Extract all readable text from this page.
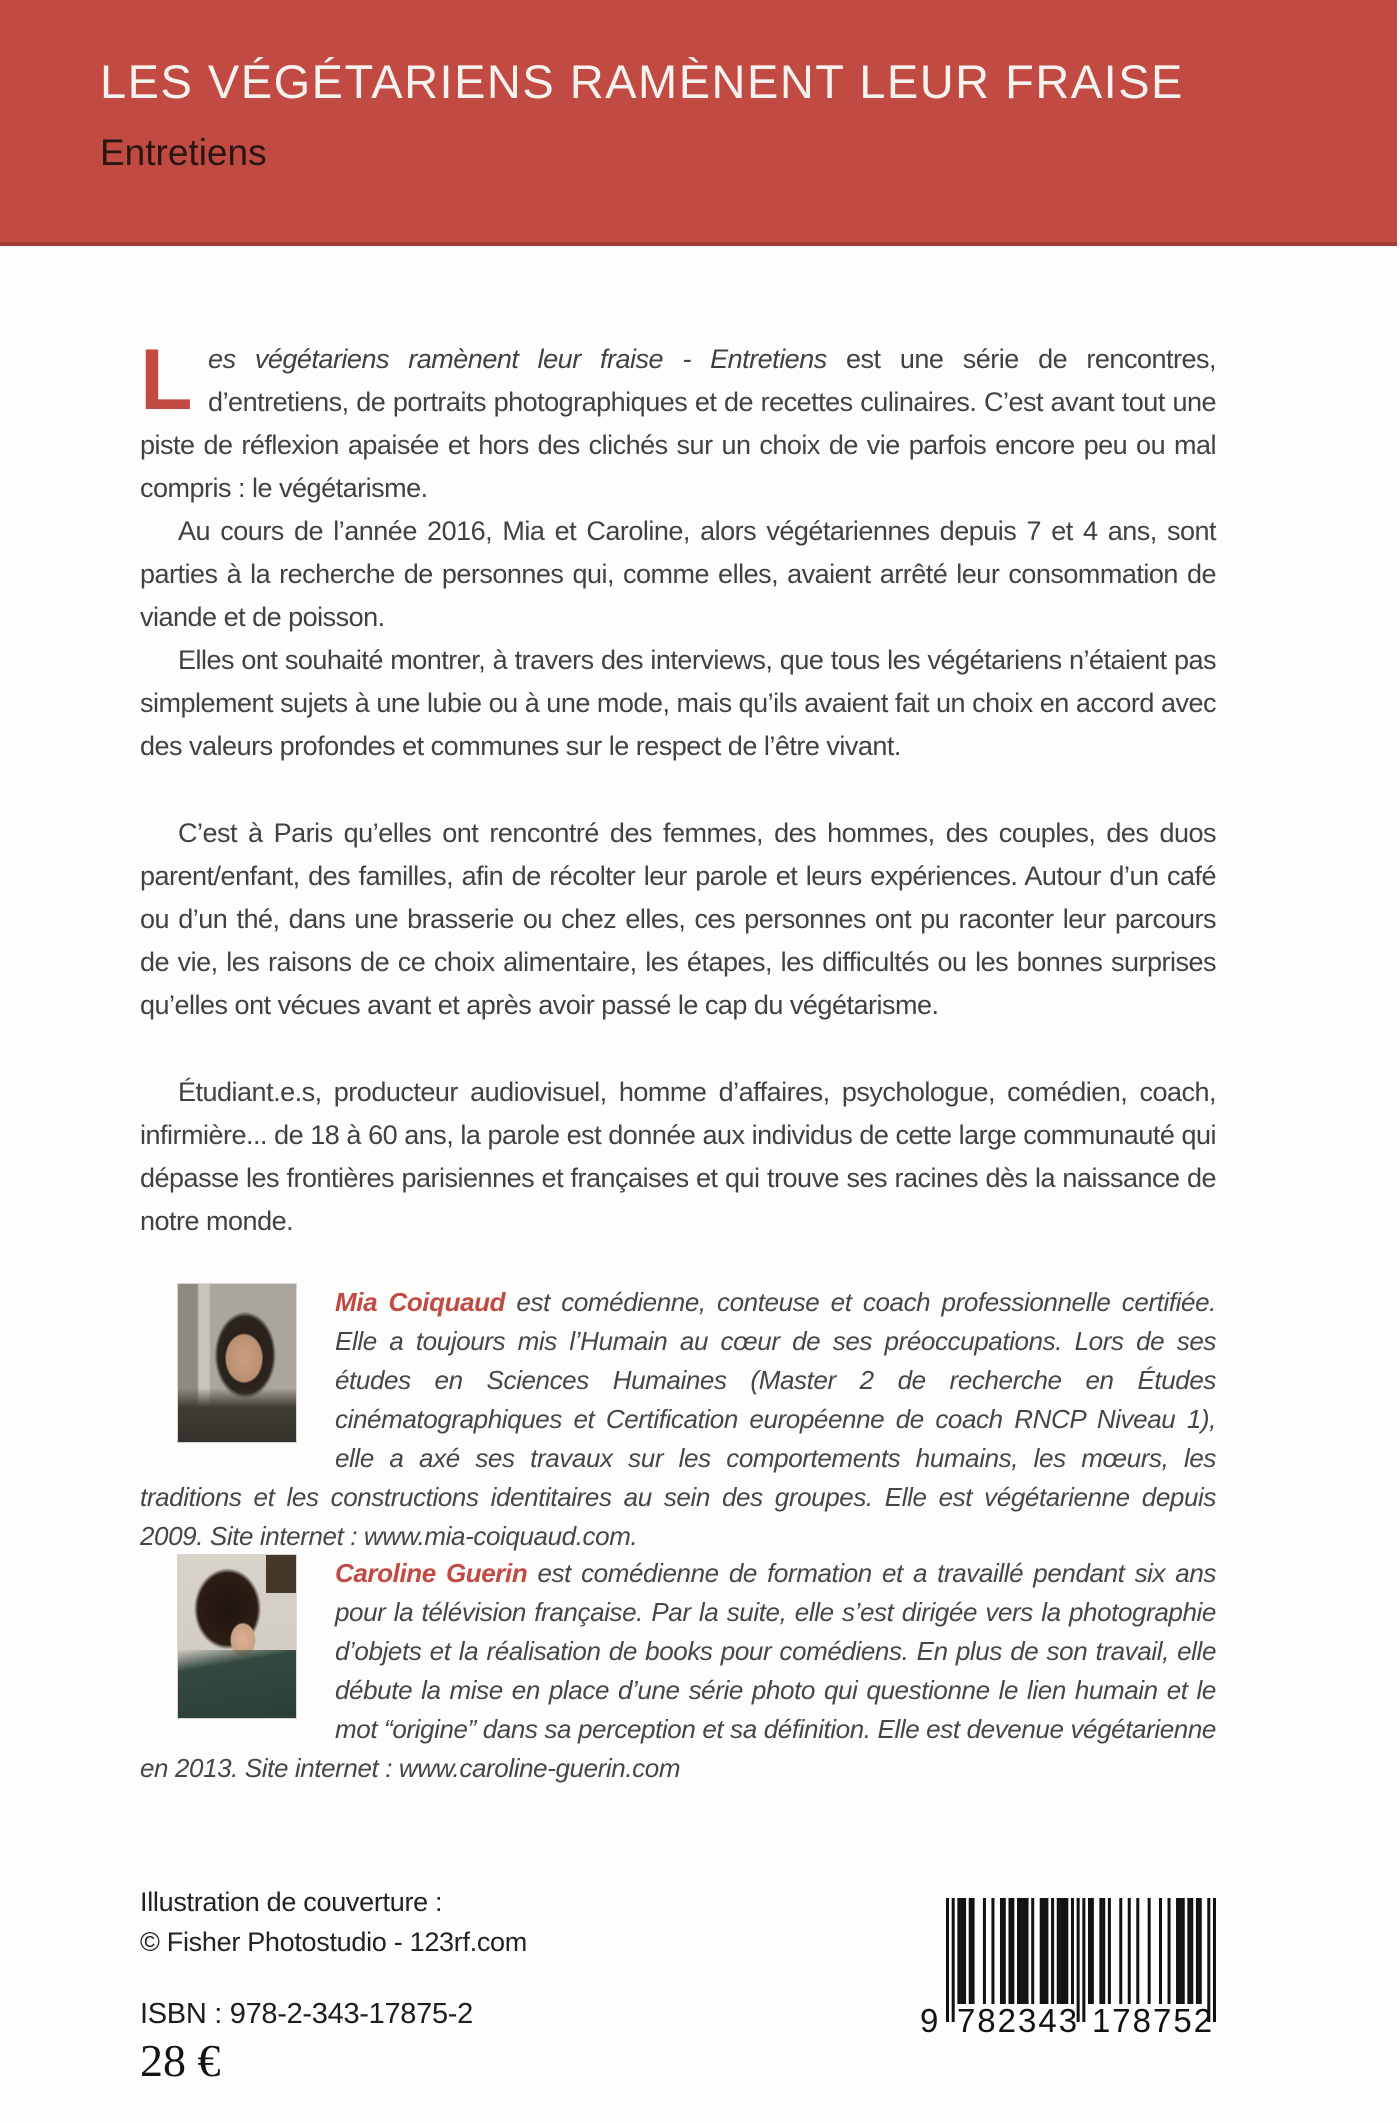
LES VÉGÉTARIENS RAMÈNENT LEUR FRAISE
Entretiens

Les végétariens ramènent leur fraise - Entretiens est une série de rencontres, d’entretiens, de portraits photographiques et de recettes culinaires. C’est avant tout une piste de réflexion apaisée et hors des clichés sur un choix de vie parfois encore peu ou mal compris : le végétarisme.

Au cours de l’année 2016, Mia et Caroline, alors végétariennes depuis 7 et 4 ans, sont parties à la recherche de personnes qui, comme elles, avaient arrêté leur consommation de viande et de poisson.

Elles ont souhaité montrer, à travers des interviews, que tous les végétariens n’étaient pas simplement sujets à une lubie ou à une mode, mais qu’ils avaient fait un choix en accord avec des valeurs profondes et communes sur le respect de l’être vivant.

C’est à Paris qu’elles ont rencontré des femmes, des hommes, des couples, des duos parent/enfant, des familles, afin de récolter leur parole et leurs expériences. Autour d’un café ou d’un thé, dans une brasserie ou chez elles, ces personnes ont pu raconter leur parcours de vie, les raisons de ce choix alimentaire, les étapes, les difficultés ou les bonnes surprises qu’elles ont vécues avant et après avoir passé le cap du végétarisme.

Étudiant.e.s, producteur audiovisuel, homme d’affaires, psychologue, comédien, coach, infirmière... de 18 à 60 ans, la parole est donnée aux individus de cette large communauté qui dépasse les frontières parisiennes et françaises et qui trouve ses racines dès la naissance de notre monde.

Mia Coiquaud est comédienne, conteuse et coach professionnelle certifiée. Elle a toujours mis l’Humain au cœur de ses préoccupations. Lors de ses études en Sciences Humaines (Master 2 de recherche en Études cinématographiques et Certification européenne de coach RNCP Niveau 1), elle a axé ses travaux sur les comportements humains, les mœurs, les traditions et les constructions identitaires au sein des groupes. Elle est végétarienne depuis 2009. Site internet : www.mia-coiquaud.com.
Caroline Guerin est comédienne de formation et a travaillé pendant six ans pour la télévision française. Par la suite, elle s’est dirigée vers la photographie d’objets et la réalisation de books pour comédiens. En plus de son travail, elle débute la mise en place d’une série photo qui questionne le lien humain et le mot “origine” dans sa perception et sa définition. Elle est devenue végétarienne en 2013. Site internet : www.caroline-guerin.com
Illustration de couverture :
© Fisher Photostudio - 123rf.com
ISBN : 978-2-343-17875-2
28 €
9 782343 178752
